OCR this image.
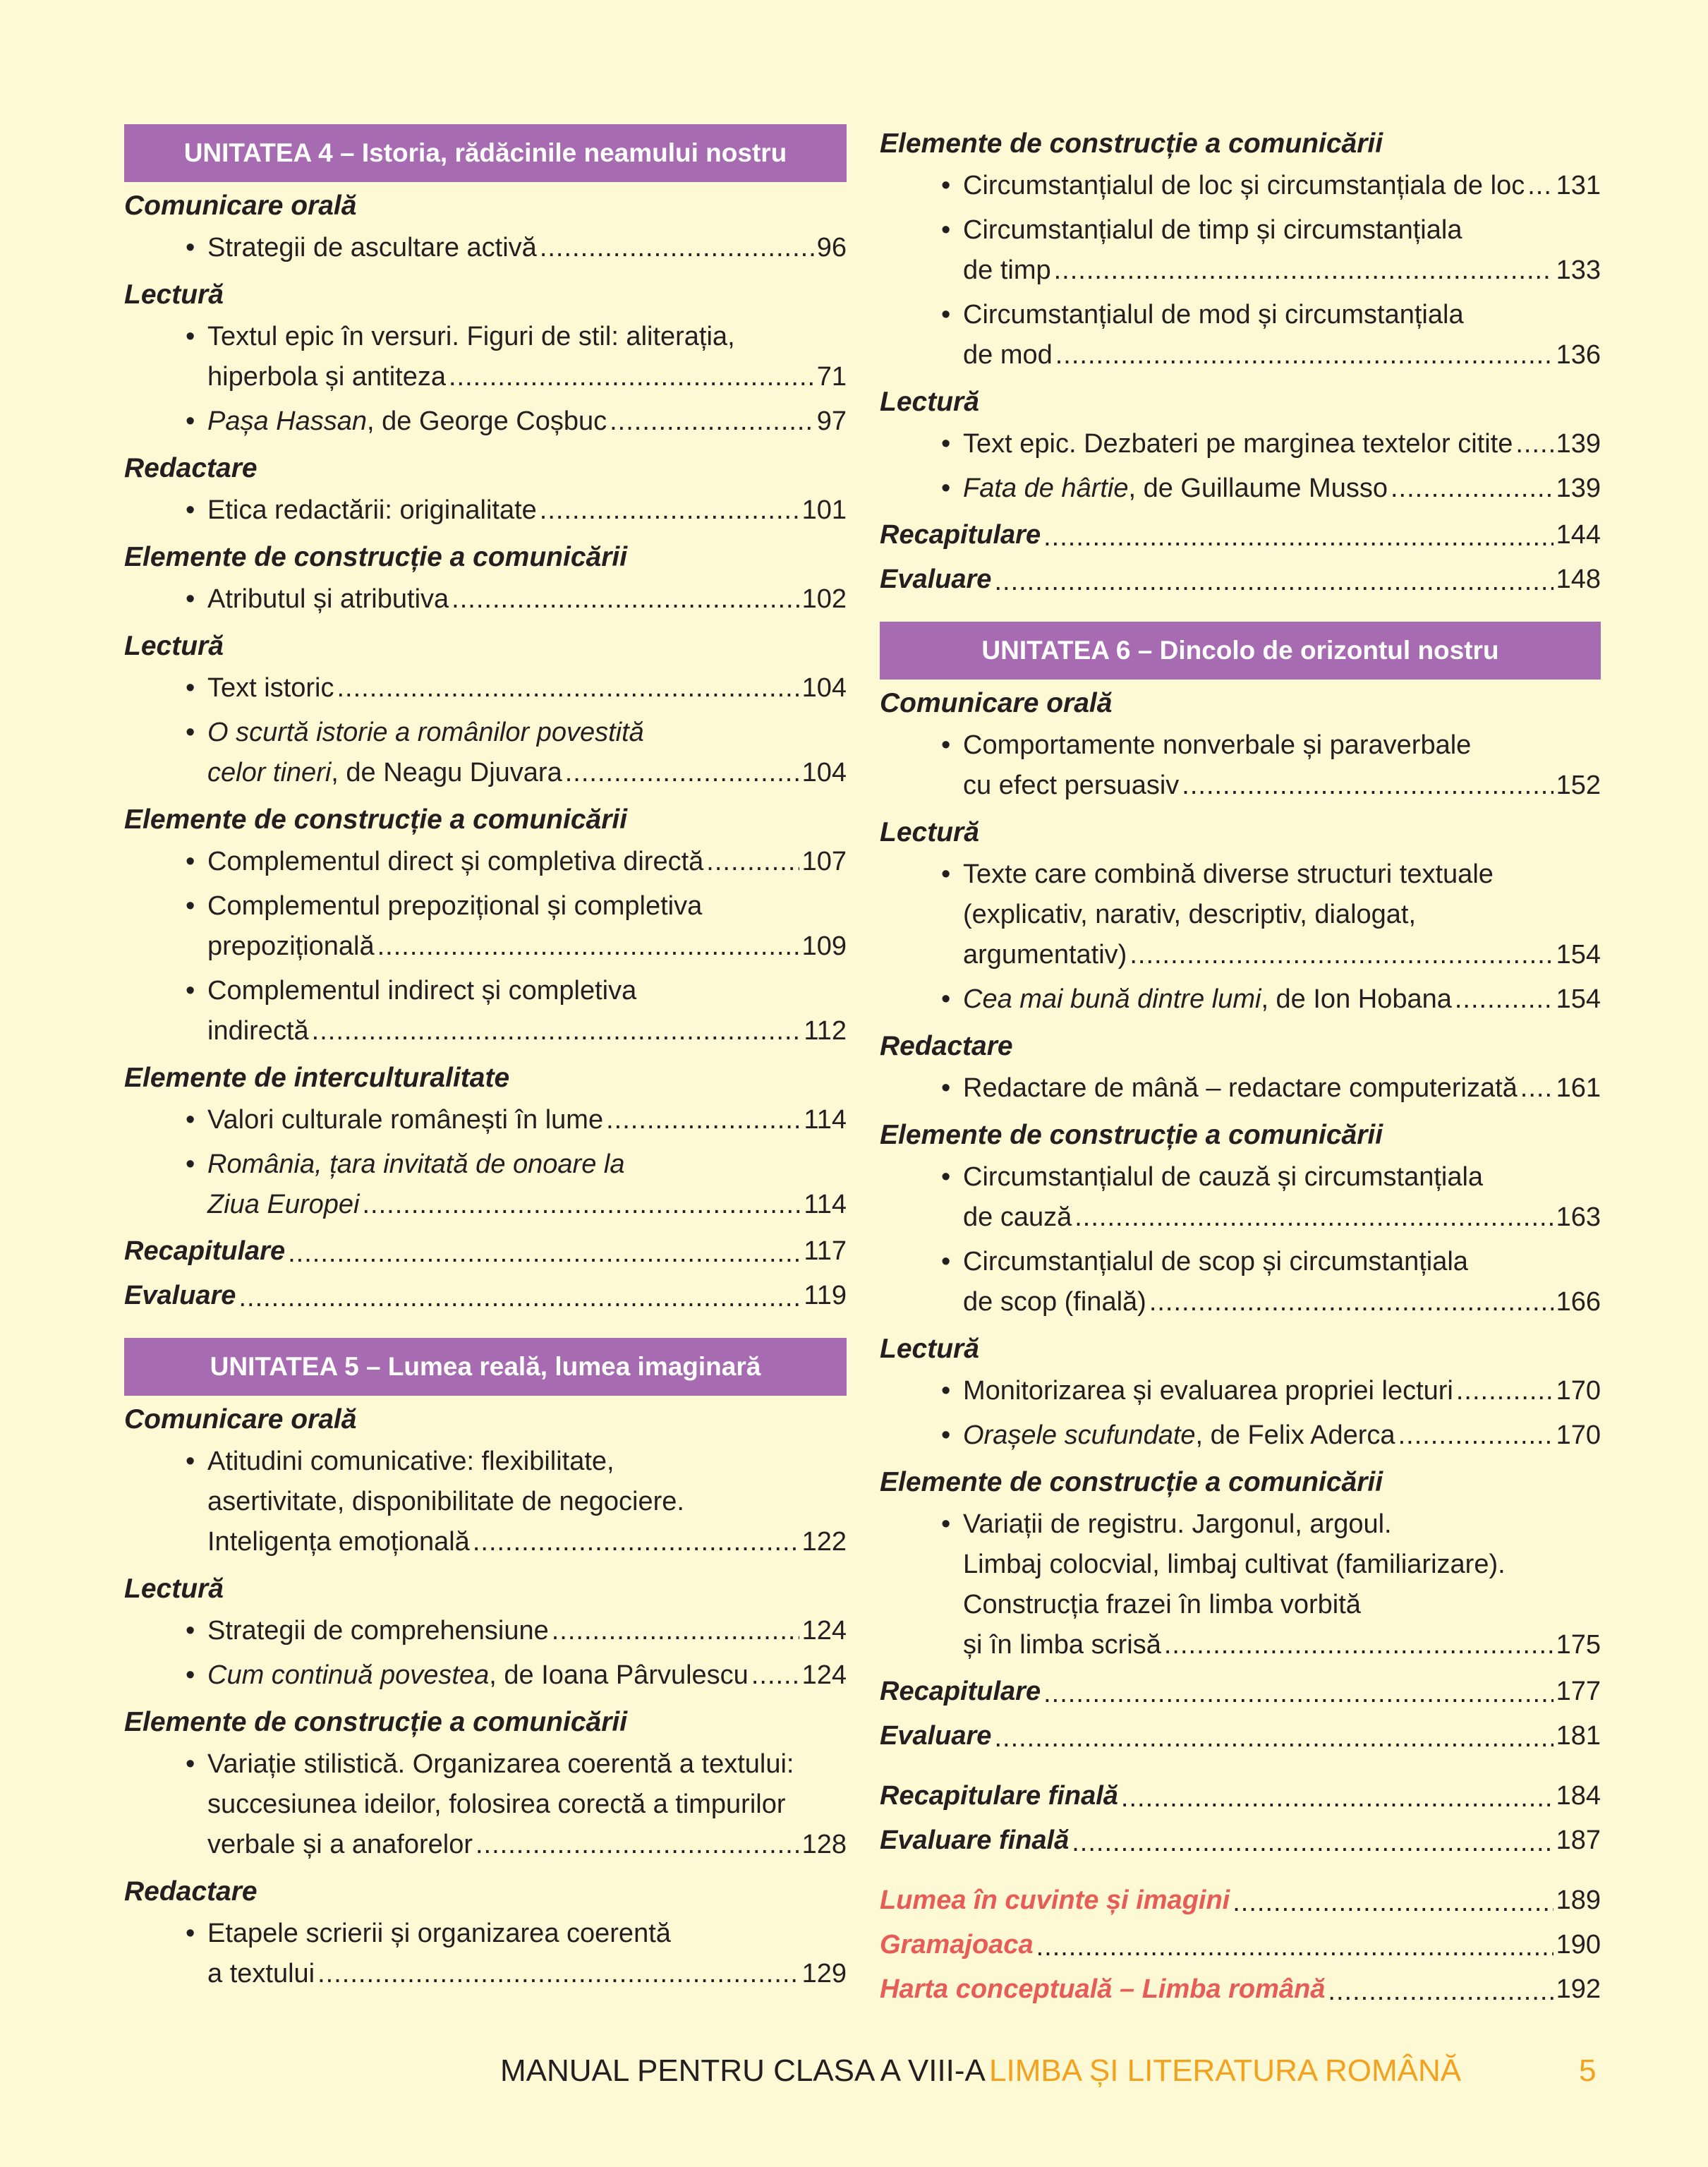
UNITATEA 4 – Istoria, rădăcinile neamului nostru
Comunicare orală
• Strategii de ascultare activă .....	96
Lectură
• Textul epic în versuri. Figuri de stil: aliterația,
hiperbola și antiteza .....	71
• Pașa Hassan, de George Coșbuc .....	97
Redactare
• Etica redactării: originalitate .....	101
Elemente de construcție a comunicării
• Atributul și atributiva .....	102
Lectură
• Text istoric .....	104
• O scurtă istorie a românilor povestită
celor tineri, de Neagu Djuvara .....	104
Elemente de construcție a comunicării
• Complementul direct și completiva directă .....	107
• Complementul prepozițional și completiva
prepozițională .....	109
• Complementul indirect și completiva
indirectă .....	112
Elemente de interculturalitate
• Valori culturale românești în lume .....	114
• România, țara invitată de onoare la
Ziua Europei .....	114
Recapitulare .....	117
Evaluare .....	119
UNITATEA 5 – Lumea reală, lumea imaginară
Comunicare orală
• Atitudini comunicative: flexibilitate,
asertivitate, disponibilitate de negociere.
Inteligența emoțională .....	122
Lectură
• Strategii de comprehensiune .....	124
• Cum continuă povestea, de Ioana Pârvulescu ..... 124
Elemente de construcție a comunicării
• Variație stilistică. Organizarea coerentă a textului:
succesiunea ideilor, folosirea corectă a timpurilor
verbale și a anaforelor .....	128
Redactare
• Etapele scrierii și organizarea coerentă
a textului .....	129
Elemente de construcție a comunicării
• Circumstanțialul de loc și circumstanțiala de loc ..... 131
• Circumstanțialul de timp și circumstanțiala
de timp .....	133
• Circumstanțialul de mod și circumstanțiala
de mod .....	136
Lectură
• Text epic. Dezbateri pe marginea textelor citite ..... 139
• Fata de hârtie, de Guillaume Musso .....	139
Recapitulare .....	144
Evaluare .....	148
UNITATEA 6 – Dincolo de orizontul nostru
Comunicare orală
• Comportamente nonverbale și paraverbale
cu efect persuasiv .....	152
Lectură
• Texte care combină diverse structuri textuale
(explicativ, narativ, descriptiv, dialogat,
argumentativ) .....	154
• Cea mai bună dintre lumi, de Ion Hobana .....	154
Redactare
• Redactare de mână – redactare computerizată ..... 161
Elemente de construcție a comunicării
• Circumstanțialul de cauză și circumstanțiala
de cauză .....	163
• Circumstanțialul de scop și circumstanțiala
de scop (finală) .....	166
Lectură
• Monitorizarea și evaluarea propriei lecturi .....	170
• Orașele scufundate, de Felix Aderca .....	170
Elemente de construcție a comunicării
• Variații de registru. Jargonul, argoul.
Limbaj colocvial, limbaj cultivat (familiarizare).
Construcția frazei în limba vorbită
și în limba scrisă .....	175
Recapitulare .....	177
Evaluare .....	181
Recapitulare finală .....	184
Evaluare finală .....	187
Lumea în cuvinte și imagini .....	189
Gramajoaca .....	190
Harta conceptuală – Limba română .....	192
MANUAL PENTRU CLASA A VIII-A LIMBA ȘI LITERATURA ROMÂNĂ	5
